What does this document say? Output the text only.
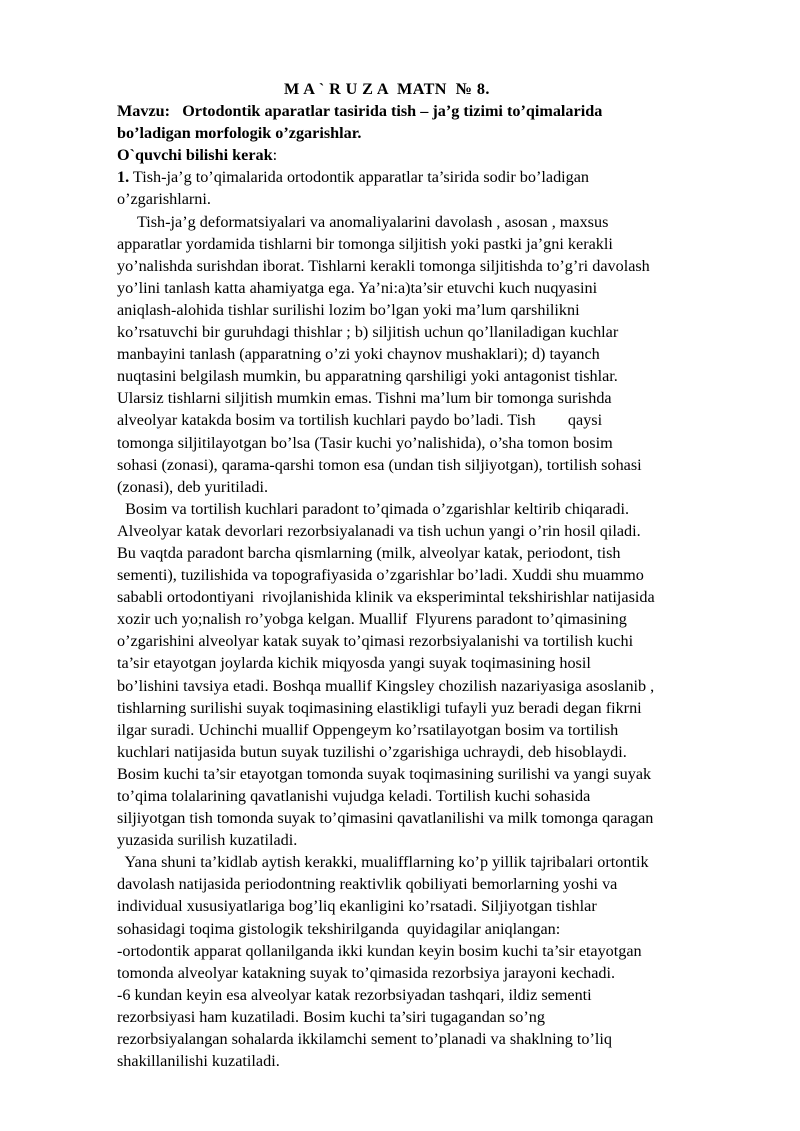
M A ` R U Z A  MATN  № 8.
Mavzu:   Ortodontik aparatlar tasirida tish – ja’g tizimi to’qimalarida
bo’ladigan morfologik o’zgarishlar.
O`quvchi bilishi kerak:
1. Tish-ja’g to’qimalarida ortodontik apparatlar ta’sirida sodir bo’ladigan
o’zgarishlarni.
Tish-ja’g deformatsiyalari va anomaliyalarini davolash , asosan , maxsus
apparatlar yordamida tishlarni bir tomonga siljitish yoki pastki ja’gni kerakli
yo’nalishda surishdan iborat. Tishlarni kerakli tomonga siljitishda to’g’ri davolash
yo’lini tanlash katta ahamiyatga ega. Ya’ni:a)ta’sir etuvchi kuch nuqyasini
aniqlash-alohida tishlar surilishi lozim bo’lgan yoki ma’lum qarshilikni
ko’rsatuvchi bir guruhdagi thishlar ; b) siljitish uchun qo’llaniladigan kuchlar
manbayini tanlash (apparatning o’zi yoki chaynov mushaklari); d) tayanch
nuqtasini belgilash mumkin, bu apparatning qarshiligi yoki antagonist tishlar.
Ularsiz tishlarni siljitish mumkin emas. Tishni ma’lum bir tomonga surishda
alveolyar katakda bosim va tortilish kuchlari paydo bo’ladi. Tish        qaysi
tomonga siljitilayotgan bo’lsa (Tasir kuchi yo’nalishida), o’sha tomon bosim
sohasi (zonasi), qarama-qarshi tomon esa (undan tish siljiyotgan), tortilish sohasi
(zonasi), deb yuritiladi.
Bosim va tortilish kuchlari paradont to’qimada o’zgarishlar keltirib chiqaradi.
Alveolyar katak devorlari rezorbsiyalanadi va tish uchun yangi o’rin hosil qiladi.
Bu vaqtda paradont barcha qismlarning (milk, alveolyar katak, periodont, tish
sementi), tuzilishida va topografiyasida o’zgarishlar bo’ladi. Xuddi shu muammo
sababli ortodontiyani  rivojlanishida klinik va eksperimintal tekshirishlar natijasida
xozir uch yo;nalish ro’yobga kelgan. Muallif  Flyurens paradont to’qimasining
o’zgarishini alveolyar katak suyak to’qimasi rezorbsiyalanishi va tortilish kuchi
ta’sir etayotgan joylarda kichik miqyosda yangi suyak toqimasining hosil
bo’lishini tavsiya etadi. Boshqa muallif Kingsley chozilish nazariyasiga asoslanib ,
tishlarning surilishi suyak toqimasining elastikligi tufayli yuz beradi degan fikrni
ilgar suradi. Uchinchi muallif Oppengeym ko’rsatilayotgan bosim va tortilish
kuchlari natijasida butun suyak tuzilishi o’zgarishiga uchraydi, deb hisoblaydi.
Bosim kuchi ta’sir etayotgan tomonda suyak toqimasining surilishi va yangi suyak
to’qima tolalarining qavatlanishi vujudga keladi. Tortilish kuchi sohasida
siljiyotgan tish tomonda suyak to’qimasini qavatlanilishi va milk tomonga qaragan
yuzasida surilish kuzatiladi.
Yana shuni ta’kidlab aytish kerakki, mualifflarning ko’p yillik tajribalari ortontik
davolash natijasida periodontning reaktivlik qobiliyati bemorlarning yoshi va
individual xususiyatlariga bog’liq ekanligini ko’rsatadi. Siljiyotgan tishlar
sohasidagi toqima gistologik tekshirilganda  quyidagilar aniqlangan:
-ortodontik apparat qollanilganda ikki kundan keyin bosim kuchi ta’sir etayotgan
tomonda alveolyar katakning suyak to’qimasida rezorbsiya jarayoni kechadi.
-6 kundan keyin esa alveolyar katak rezorbsiyadan tashqari, ildiz sementi
rezorbsiyasi ham kuzatiladi. Bosim kuchi ta’siri tugagandan so’ng
rezorbsiyalangan sohalarda ikkilamchi sement to’planadi va shaklning to’liq
shakillanilishi kuzatiladi.
